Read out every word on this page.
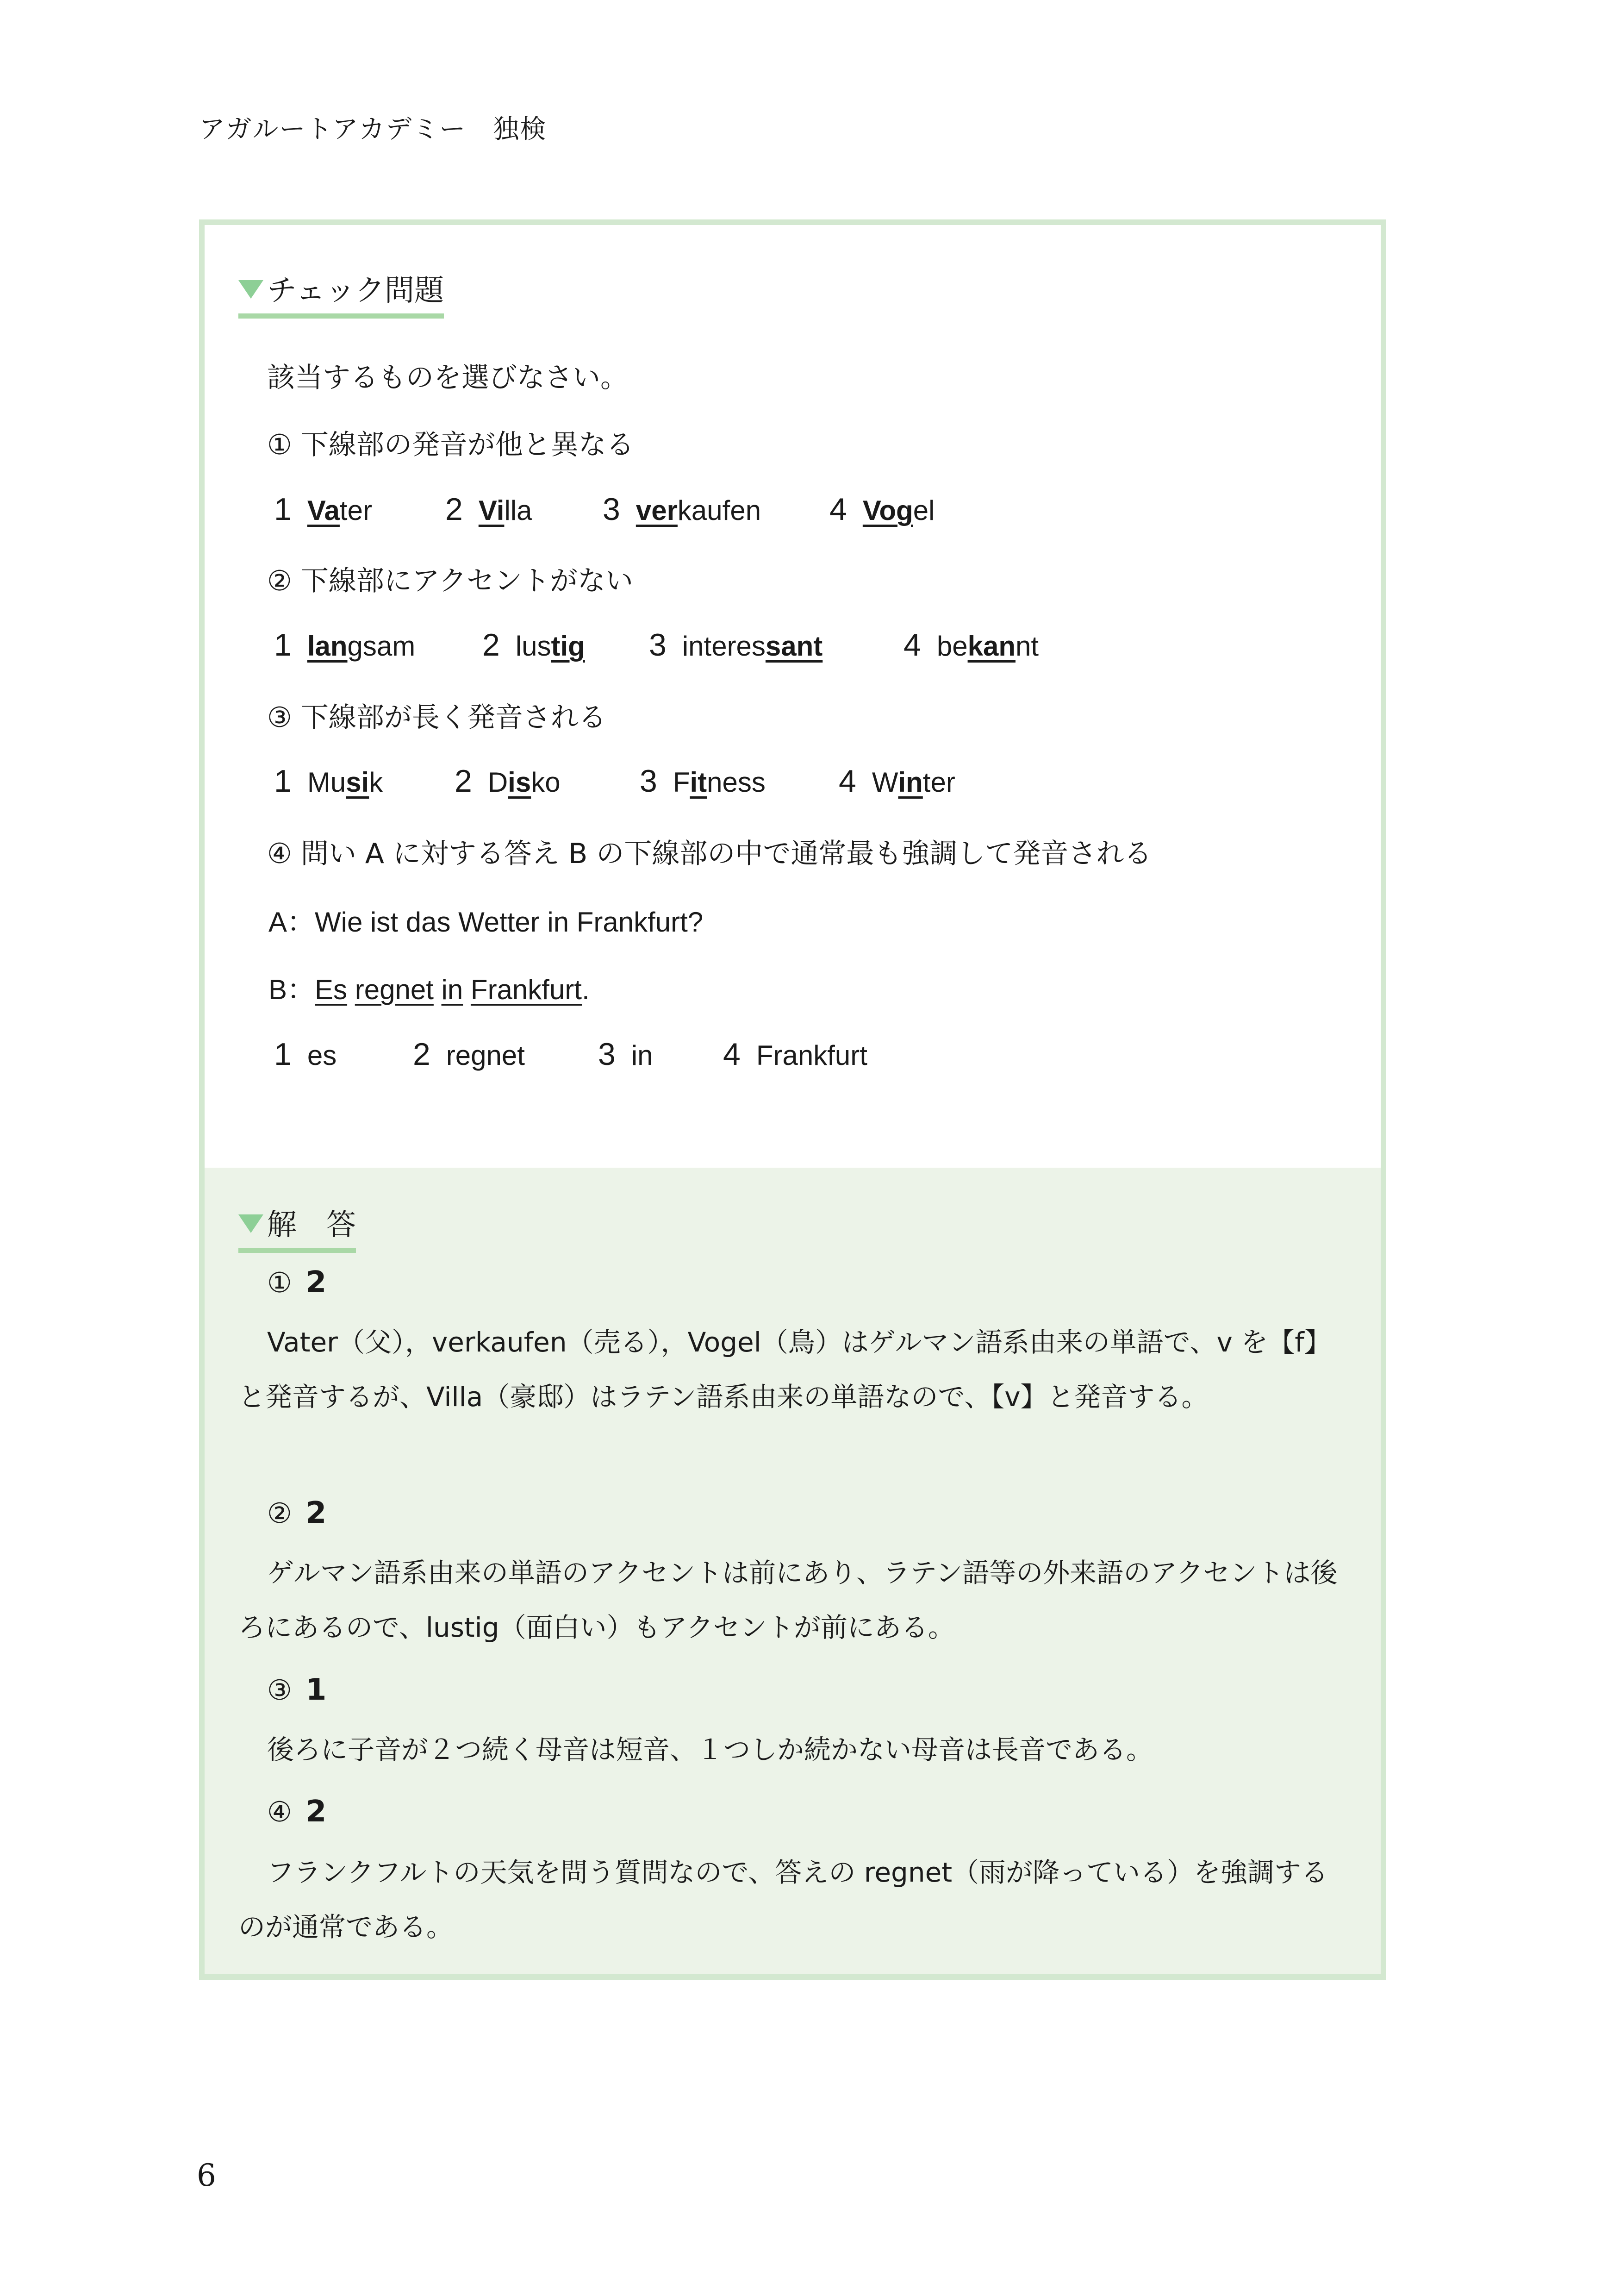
アガルートアカデミー　独検
チェック問題
該当するものを選びなさい。
① 下線部の発音が他と異なる
1 Vater 2 Villa 3 verkaufen 4 Vogel
② 下線部にアクセントがない
1 langsam 2 lustig 3 interessant	4 bekannt
③ 下線部が長く発音される
1 Musik 2 Disko	3 Fitness 4 Winter
④ 問い A に対する答え B の下線部の中で通常最も強調して発音される
A：Wie ist das Wetter in Frankfurt?
B：Es regnet in Frankfurt.
1 es 2 regnet 3 in 4 Frankfurt
解　答
① 2
Vater（父），verkaufen（売る），Vogel（鳥）はゲルマン語系由来の単語で、v を【f】と発音するが、Villa（豪邸）はラテン語系由来の単語なので、【v】と発音する。
② 2
ゲルマン語系由来の単語のアクセントは前にあり、ラテン語等の外来語のアクセントは後ろにあるので、lustig（面白い）もアクセントが前にある。
③ 1
後ろに子音が２つ続く母音は短音、１つしか続かない母音は長音である。
④ 2
フランクフルトの天気を問う質問なので、答えの regnet（雨が降っている）を強調するのが通常である。
6
